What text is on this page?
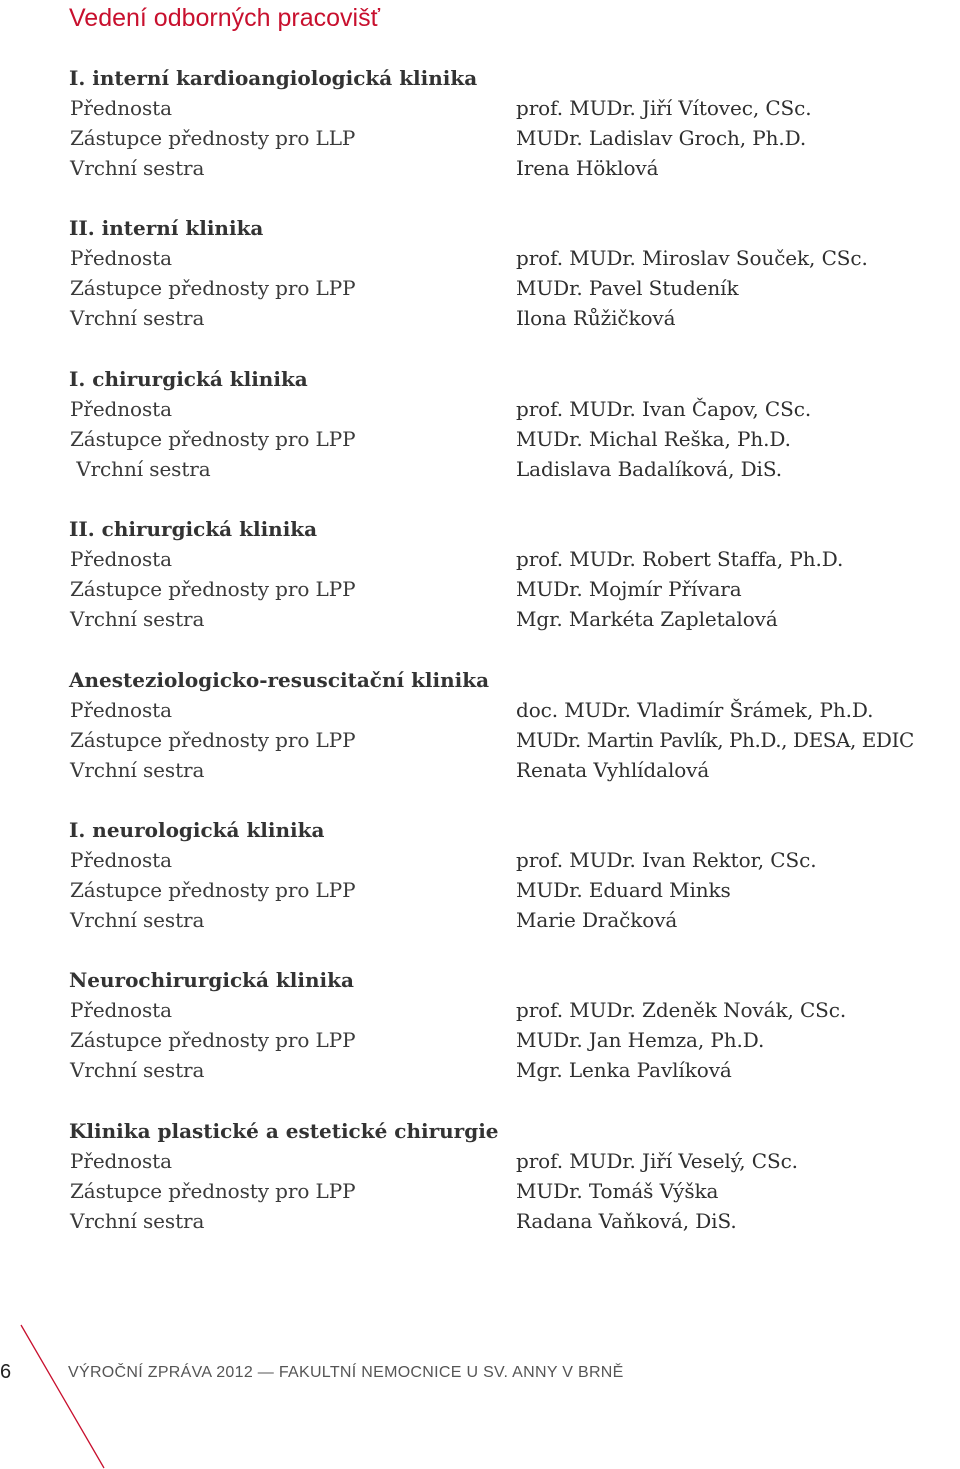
Vedení odborných pracovišť
I. interní kardioangiologická klinika
Přednosta	prof. MUDr. Jiří Vítovec, CSc.
Zástupce přednosty pro LLP	MUDr. Ladislav Groch, Ph.D.
Vrchní sestra	Irena Höklová
II. interní klinika
Přednosta	prof. MUDr. Miroslav Souček, CSc.
Zástupce přednosty pro LPP	MUDr. Pavel Studeník
Vrchní sestra	Ilona Růžičková
I. chirurgická klinika
Přednosta	prof. MUDr. Ivan Čapov, CSc.
Zástupce přednosty pro LPP	MUDr. Michal Reška, Ph.D.
Vrchní sestra	Ladislava Badalíková, DiS.
II. chirurgická klinika
Přednosta	prof. MUDr. Robert Staffa, Ph.D.
Zástupce přednosty pro LPP	MUDr. Mojmír Přívara
Vrchní sestra	Mgr. Markéta Zapletalová
Anesteziologicko-resuscitační klinika
Přednosta	doc. MUDr. Vladimír Šrámek, Ph.D.
Zástupce přednosty pro LPP	MUDr. Martin Pavlík, Ph.D., DESA, EDIC
Vrchní sestra	Renata Vyhlídalová
I. neurologická klinika
Přednosta	prof. MUDr. Ivan Rektor, CSc.
Zástupce přednosty pro LPP	MUDr. Eduard Minks
Vrchní sestra	Marie Dračková
Neurochirurgická klinika
Přednosta	prof. MUDr. Zdeněk Novák, CSc.
Zástupce přednosty pro LPP	MUDr. Jan Hemza, Ph.D.
Vrchní sestra	Mgr. Lenka Pavlíková
Klinika plastické a estetické chirurgie
Přednosta	prof. MUDr. Jiří Veselý, CSc.
Zástupce přednosty pro LPP	MUDr. Tomáš Výška
Vrchní sestra	Radana Vaňková, DiS.
6	VÝROČNÍ ZPRÁVA 2012 — FAKULTNÍ NEMOCNICE U SV. ANNY V BRNĚ
